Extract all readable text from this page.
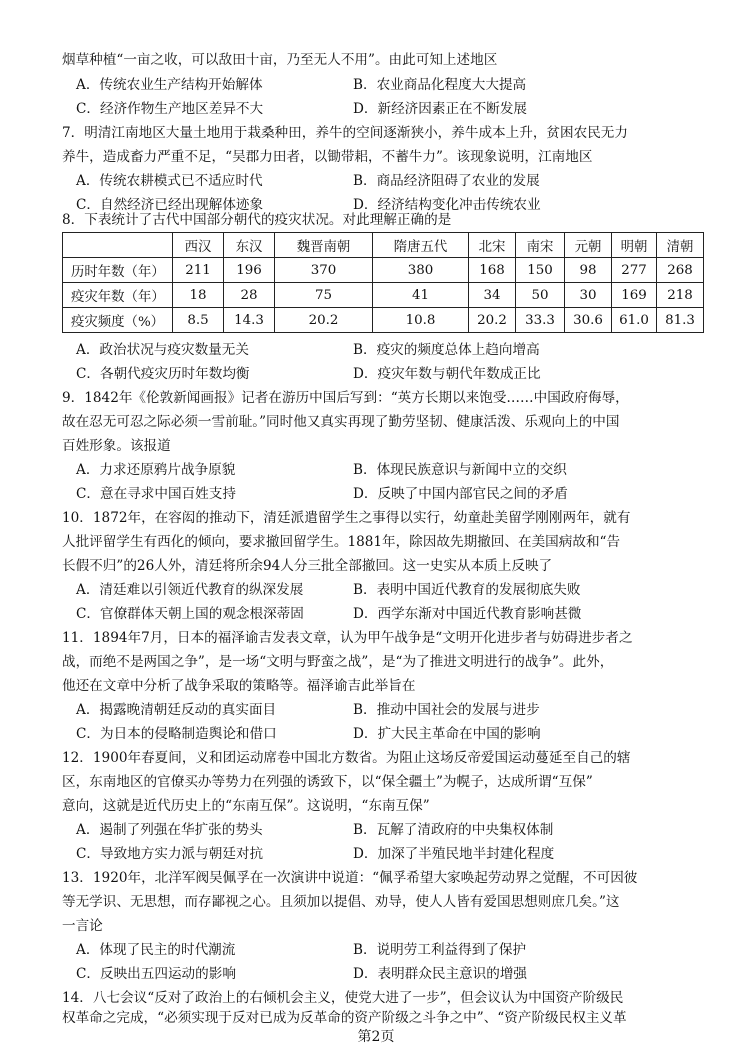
烟草种植“一亩之收，可以敌田十亩，乃至无人不用”。由此可知上述地区
A．传统农业生产结构开始解体	B．农业商品化程度大大提高
C．经济作物生产地区差异不大	D．新经济因素正在不断发展
7．明清江南地区大量土地用于栽桑种田，养牛的空间逐渐狭小，养牛成本上升，贫困农民无力
养牛，造成畜力严重不足，“吴郡力田者，以锄带耜，不蓄牛力”。该现象说明，江南地区
A．传统农耕模式已不适应时代	B．商品经济阻碍了农业的发展
C．自然经济已经出现解体迹象	D．经济结构变化冲击传统农业
8．下表统计了古代中国部分朝代的疫灾状况。对此理解正确的是
	西汉	东汉	魏晋南朝	隋唐五代	北宋	南宋	元朝	明朝	清朝
历时年数（年）	211	196	370	380	168	150	98	277	268
疫灾年数（年）	18	28	75	41	34	50	30	169	218
疫灾频度（%）	8.5	14.3	20.2	10.8	20.2	33.3	30.6	61.0	81.3
A．政治状况与疫灾数量无关	B．疫灾的频度总体上趋向增高
C．各朝代疫灾历时年数均衡	D．疫灾年数与朝代年数成正比
9．1842年《伦敦新闻画报》记者在游历中国后写到：“英方长期以来饱受……中国政府侮辱，
故在忍无可忍之际必须一雪前耻。”同时他又真实再现了勤劳坚韧、健康活泼、乐观向上的中国
百姓形象。该报道
A．力求还原鸦片战争原貌	B．体现民族意识与新闻中立的交织
C．意在寻求中国百姓支持	D．反映了中国内部官民之间的矛盾
10．1872年，在容闳的推动下，清廷派遣留学生之事得以实行，幼童赴美留学刚刚两年，就有
人批评留学生有西化的倾向，要求撤回留学生。1881年，除因故先期撤回、在美国病故和“告
长假不归”的26人外，清廷将所余94人分三批全部撤回。这一史实从本质上反映了
A．清廷难以引领近代教育的纵深发展	B．表明中国近代教育的发展彻底失败
C．官僚群体天朝上国的观念根深蒂固	D．西学东渐对中国近代教育影响甚微
11．1894年7月，日本的福泽谕吉发表文章，认为甲午战争是“文明开化进步者与妨碍进步者之
战，而绝不是两国之争”，是一场“文明与野蛮之战”，是“为了推进文明进行的战争”。此外，
他还在文章中分析了战争采取的策略等。福泽谕吉此举旨在
A．揭露晚清朝廷反动的真实面目	B．推动中国社会的发展与进步
C．为日本的侵略制造舆论和借口	D．扩大民主革命在中国的影响
12．1900年春夏间，义和团运动席卷中国北方数省。为阻止这场反帝爱国运动蔓延至自己的辖
区，东南地区的官僚买办等势力在列强的诱致下，以“保全疆土”为幌子，达成所谓“互保”
意向，这就是近代历史上的“东南互保”。这说明，“东南互保”
A．遏制了列强在华扩张的势头	B．瓦解了清政府的中央集权体制
C．导致地方实力派与朝廷对抗	D．加深了半殖民地半封建化程度
13．1920年，北洋军阀吴佩孚在一次演讲中说道：“佩孚希望大家唤起劳动界之觉醒，不可因彼
等无学识、无思想，而存鄙视之心。且须加以提倡、劝导，使人人皆有爱国思想则庶几矣。”这
一言论
A．体现了民主的时代潮流	B．说明劳工利益得到了保护
C．反映出五四运动的影响	D．表明群众民主意识的增强
14．八七会议“反对了政治上的右倾机会主义，使党大进了一步”，但会议认为中国资产阶级民
权革命之完成，“必须实现于反对已成为反革命的资产阶级之斗争之中”、“资产阶级民权主义革
第2页
